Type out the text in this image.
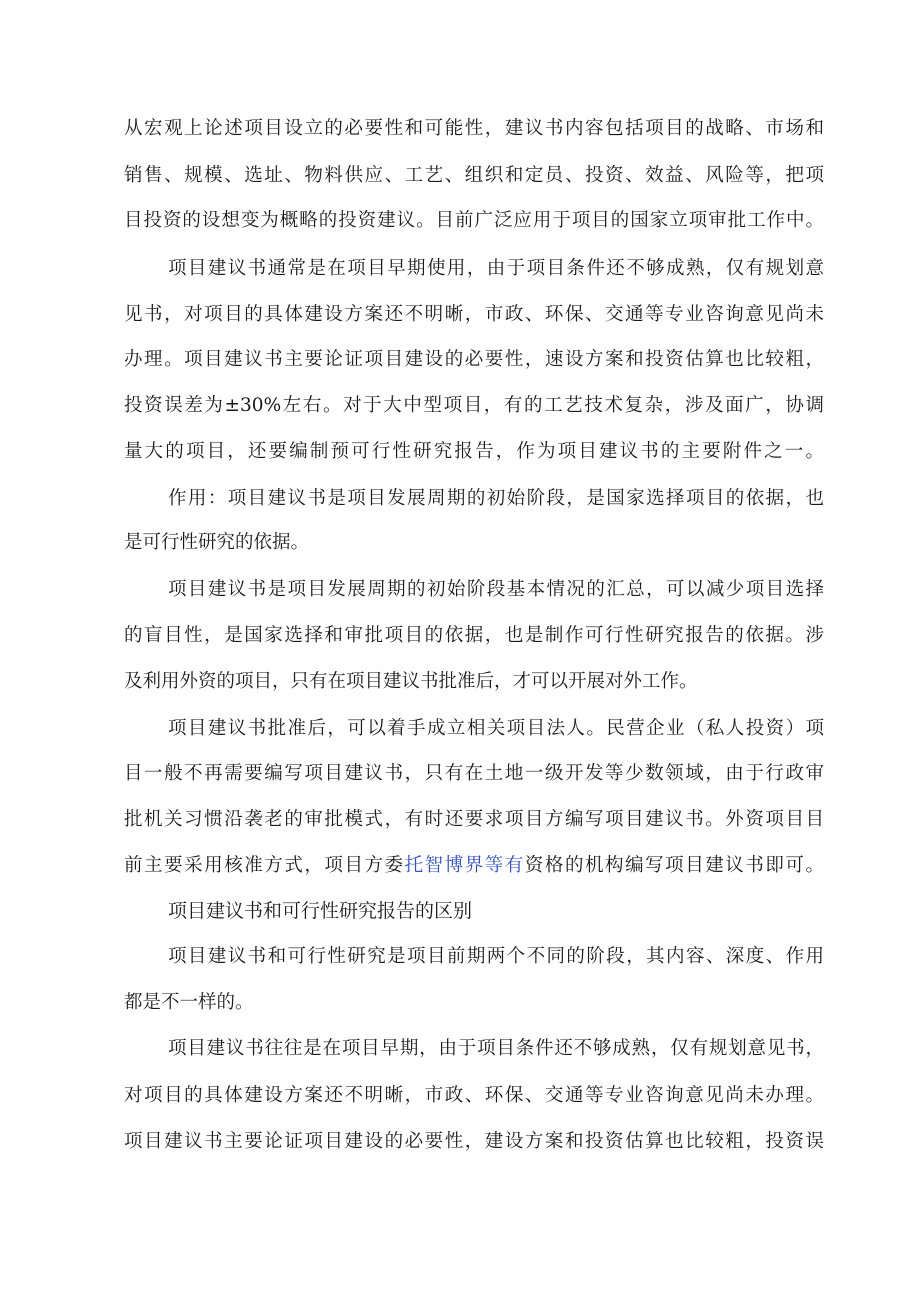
从宏观上论述项目设立的必要性和可能性，建议书内容包括项目的战略、市场和
销售、规模、选址、物料供应、工艺、组织和定员、投资、效益、风险等，把项
目投资的设想变为概略的投资建议。目前广泛应用于项目的国家立项审批工作中。
项目建议书通常是在项目早期使用，由于项目条件还不够成熟，仅有规划意
见书，对项目的具体建设方案还不明晰，市政、环保、交通等专业咨询意见尚未
办理。项目建议书主要论证项目建设的必要性，速设方案和投资估算也比较粗，
投资误差为±30%左右。对于大中型项目，有的工艺技术复杂，涉及面广，协调
量大的项目，还要编制预可行性研究报告，作为项目建议书的主要附件之一。
作用：项目建议书是项目发展周期的初始阶段，是国家选择项目的依据，也
是可行性研究的依据。
项目建议书是项目发展周期的初始阶段基本情况的汇总，可以减少项目选择
的盲目性，是国家选择和审批项目的依据，也是制作可行性研究报告的依据。涉
及利用外资的项目，只有在项目建议书批准后，才可以开展对外工作。
项目建议书批准后，可以着手成立相关项目法人。民营企业（私人投资）项
目一般不再需要编写项目建议书，只有在土地一级开发等少数领域，由于行政审
批机关习惯沿袭老的审批模式，有时还要求项目方编写项目建议书。外资项目目
前主要采用核准方式，项目方委托智博界等有资格的机构编写项目建议书即可。
项目建议书和可行性研究报告的区别
项目建议书和可行性研究是项目前期两个不同的阶段，其内容、深度、作用
都是不一样的。
项目建议书往往是在项目早期，由于项目条件还不够成熟，仅有规划意见书，
对项目的具体建设方案还不明晰，市政、环保、交通等专业咨询意见尚未办理。
项目建议书主要论证项目建设的必要性，建设方案和投资估算也比较粗，投资误
